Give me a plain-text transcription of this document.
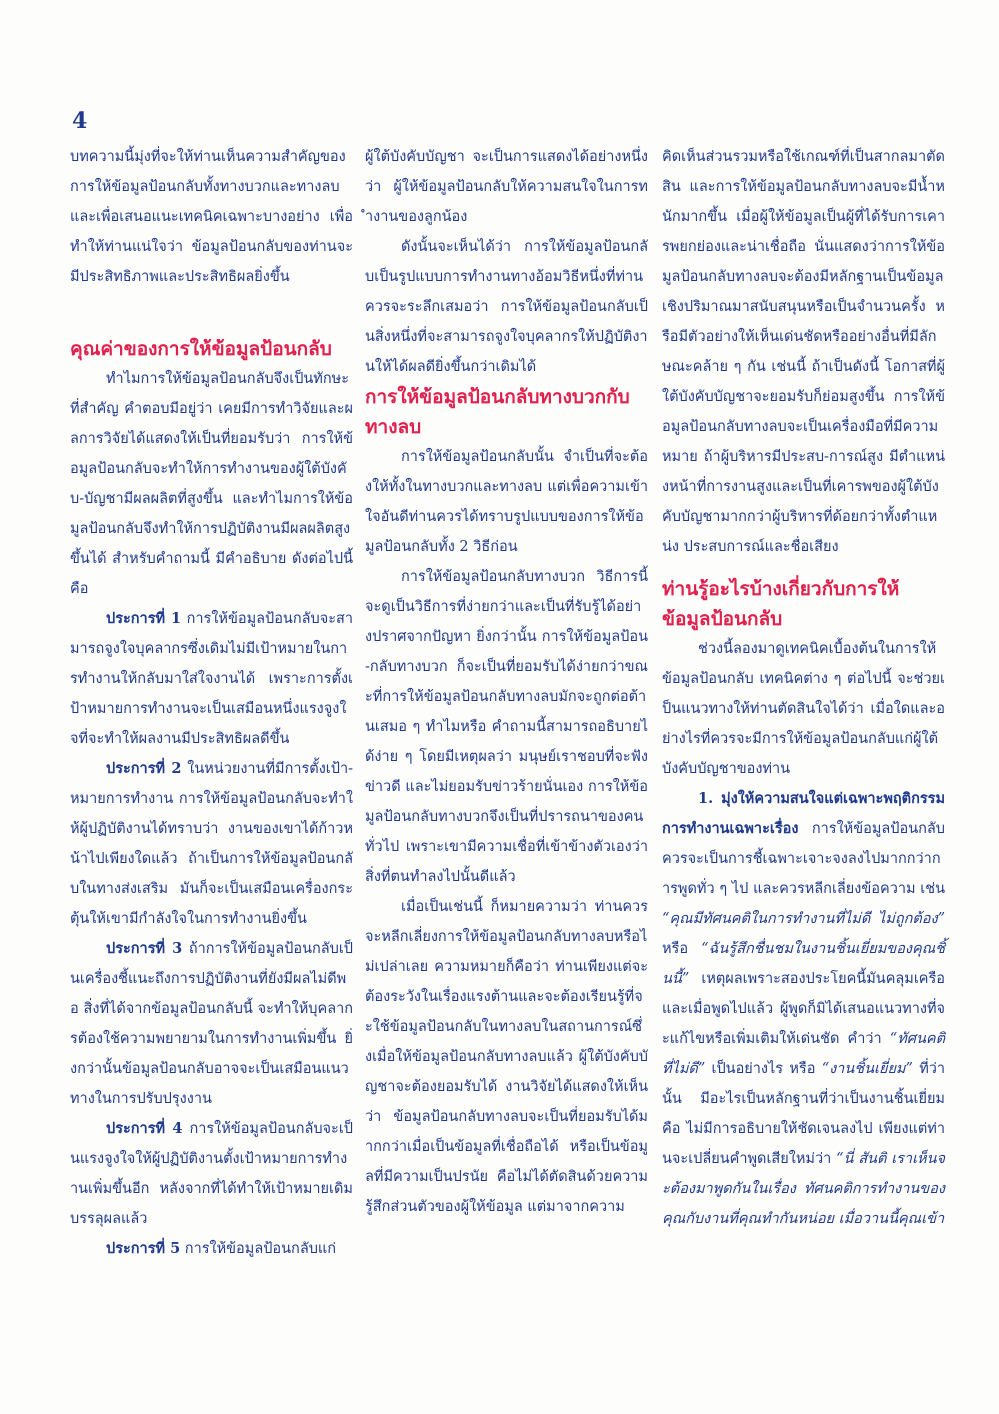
4

บทความนี้มุ่งที่จะให้ท่านเห็นความสำคัญของการให้ข้อมูลป้อนกลับทั้งทางบวกและทางลบ และเพื่อเสนอแนะเทคนิคเฉพาะบางอย่าง เพื่อทำให้ท่านแน่ใจว่า ข้อมูลป้อนกลับของท่านจะมีประสิทธิภาพและประสิทธิผลยิ่งขึ้น

คุณค่าของการให้ข้อมูลป้อนกลับ

ทำไมการให้ข้อมูลป้อนกลับจึงเป็นทักษะที่สำคัญ คำตอบมีอยู่ว่า เคยมีการทำวิจัยและผลการวิจัยได้แสดงให้เป็นที่ยอมรับว่า การให้ข้อมูลป้อนกลับจะทำให้การทำงานของผู้ใต้บังคับ-บัญชามีผลผลิตที่สูงขึ้น และทำไมการให้ข้อมูลป้อนกลับจึงทำให้การปฏิบัติงานมีผลผลิตสูงขึ้นได้ สำหรับคำถามนี้ มีคำอธิบาย ดังต่อไปนี้คือ

ประการที่ 1 การให้ข้อมูลป้อนกลับจะสามารถจูงใจบุคลากรซึ่งเดิมไม่มีเป้าหมายในการทำงานให้กลับมาใส่ใจงานได้ เพราะการตั้งเป้าหมายการทำงานจะเป็นเสมือนหนึ่งแรงจูงใจที่จะทำให้ผลงานมีประสิทธิผลดีขึ้น

ประการที่ 2 ในหน่วยงานที่มีการตั้งเป้า-หมายการทำงาน การให้ข้อมูลป้อนกลับจะทำให้ผู้ปฏิบัติงานได้ทราบว่า งานของเขาได้ก้าวหน้าไปเพียงใดแล้ว ถ้าเป็นการให้ข้อมูลป้อนกลับในทางส่งเสริม มันก็จะเป็นเสมือนเครื่องกระตุ้นให้เขามีกำลังใจในการทำงานยิ่งขึ้น

ประการที่ 3 ถ้าการให้ข้อมูลป้อนกลับเป็นเครื่องชี้แนะถึงการปฏิบัติงานที่ยังมีผลไม่ดีพอ สิ่งที่ได้จากข้อมูลป้อนกลับนี้ จะทำให้บุคลากรต้องใช้ความพยายามในการทำงานเพิ่มขึ้น ยิ่งกว่านั้นข้อมูลป้อนกลับอาจจะเป็นเสมือนแนวทางในการปรับปรุงงาน

ประการที่ 4 การให้ข้อมูลป้อนกลับจะเป็นแรงจูงใจให้ผู้ปฏิบัติงานตั้งเป้าหมายการทำงานเพิ่มขึ้นอีก หลังจากที่ได้ทำให้เป้าหมายเดิมบรรลุผลแล้ว

ประการที่ 5 การให้ข้อมูลป้อนกลับแก่

ผู้ใต้บังคับบัญชา จะเป็นการแสดงได้อย่างหนึ่งว่า ผู้ให้ข้อมูลป้อนกลับให้ความสนใจในการทำงานของลูกน้อง

ดังนั้นจะเห็นได้ว่า การให้ข้อมูลป้อนกลับเป็นรูปแบบการทำงานทางอ้อมวิธีหนึ่งที่ท่านควรจะระลึกเสมอว่า การให้ข้อมูลป้อนกลับเป็นสิ่งหนึ่งที่จะสามารถจูงใจบุคลากรให้ปฏิบัติงานให้ได้ผลดียิ่งขึ้นกว่าเดิมได้

การให้ข้อมูลป้อนกลับทางบวกกับทางลบ

การให้ข้อมูลป้อนกลับนั้น จำเป็นที่จะต้องให้ทั้งในทางบวกและทางลบ แต่เพื่อความเข้าใจอันดีท่านควรได้ทราบรูปแบบของการให้ข้อมูลป้อนกลับทั้ง 2 วิธีก่อน

การให้ข้อมูลป้อนกลับทางบวก วิธีการนี้จะดูเป็นวิธีการที่ง่ายกว่าและเป็นที่รับรู้ได้อย่างปราศจากปัญหา ยิ่งกว่านั้น การให้ข้อมูลป้อน-กลับทางบวก ก็จะเป็นที่ยอมรับได้ง่ายกว่าขณะที่การให้ข้อมูลป้อนกลับทางลบมักจะถูกต่อต้านเสมอ ๆ ทำไมหรือ คำถามนี้สามารถอธิบายได้ง่าย ๆ โดยมีเหตุผลว่า มนุษย์เราชอบที่จะฟังข่าวดี และไม่ยอมรับข่าวร้ายนั่นเอง การให้ข้อมูลป้อนกลับทางบวกจึงเป็นที่ปรารถนาของคนทั่วไป เพราะเขามีความเชื่อที่เข้าข้างตัวเองว่าสิ่งที่ตนทำลงไปนั้นดีแล้ว

เมื่อเป็นเช่นนี้ ก็หมายความว่า ท่านควรจะหลีกเลี่ยงการให้ข้อมูลป้อนกลับทางลบหรือไม่เปล่าเลย ความหมายก็คือว่า ท่านเพียงแต่จะต้องระวังในเรื่องแรงต้านและจะต้องเรียนรู้ที่จะใช้ข้อมูลป้อนกลับในทางลบในสถานการณ์ซึ่งเมื่อให้ข้อมูลป้อนกลับทางลบแล้ว ผู้ใต้บังคับบัญชาจะต้องยอมรับได้ งานวิจัยได้แสดงให้เห็นว่า ข้อมูลป้อนกลับทางลบจะเป็นที่ยอมรับได้มากกว่าเมื่อเป็นข้อมูลที่เชื่อถือได้ หรือเป็นข้อมูลที่มีความเป็นปรนัย คือไม่ได้ตัดสินด้วยความรู้สึกส่วนตัวของผู้ให้ข้อมูล แต่มาจากความ

คิดเห็นส่วนรวมหรือใช้เกณฑ์ที่เป็นสากลมาตัดสิน และการให้ข้อมูลป้อนกลับทางลบจะมีน้ำหนักมากขึ้น เมื่อผู้ให้ข้อมูลเป็นผู้ที่ได้รับการเคารพยกย่องและน่าเชื่อถือ นั่นแสดงว่าการให้ข้อมูลป้อนกลับทางลบจะต้องมีหลักฐานเป็นข้อมูลเชิงปริมาณมาสนับสนุนหรือเป็นจำนวนครั้ง หรือมีตัวอย่างให้เห็นเด่นชัดหรืออย่างอื่นที่มีลักษณะคล้าย ๆ กัน เช่นนี้ ถ้าเป็นดังนี้ โอกาสที่ผู้ใต้บังคับบัญชาจะยอมรับก็ย่อมสูงขึ้น การให้ข้อมูลป้อนกลับทางลบจะเป็นเครื่องมือที่มีความหมาย ถ้าผู้บริหารมีประสบ-การณ์สูง มีตำแหน่งหน้าที่การงานสูงและเป็นที่เคารพของผู้ใต้บังคับบัญชามากกว่าผู้บริหารที่ด้อยกว่าทั้งตำแหน่ง ประสบการณ์และชื่อเสียง

ท่านรู้อะไรบ้างเกี่ยวกับการให้ข้อมูลป้อนกลับ

ช่วงนี้ลองมาดูเทคนิคเบื้องต้นในการให้ข้อมูลป้อนกลับ เทคนิคต่าง ๆ ต่อไปนี้ จะช่วยเป็นแนวทางให้ท่านตัดสินใจได้ว่า เมื่อใดและอย่างไรที่ควรจะมีการให้ข้อมูลป้อนกลับแก่ผู้ใต้บังคับบัญชาของท่าน

1. มุ่งให้ความสนใจแต่เฉพาะพฤติกรรมการทำงานเฉพาะเรื่อง การให้ข้อมูลป้อนกลับควรจะเป็นการชี้เฉพาะเจาะจงลงไปมากกว่าการพูดทั่ว ๆ ไป และควรหลีกเลี่ยงข้อความ เช่น “คุณมีทัศนคติในการทำงานที่ไม่ดี ไม่ถูกต้อง” หรือ “ฉันรู้สึกชื่นชมในงานชิ้นเยี่ยมของคุณชิ้นนี้” เหตุผลเพราะสองประโยคนี้มันคลุมเครือ และเมื่อพูดไปแล้ว ผู้พูดก็มิได้เสนอแนวทางที่จะแก้ไขหรือเพิ่มเติมให้เด่นชัด คำว่า “ทัศนคติที่ไม่ดี” เป็นอย่างไร หรือ “งานชิ้นเยี่ยม” ที่ว่านั้น มีอะไรเป็นหลักฐานที่ว่าเป็นงานชิ้นเยี่ยม คือ ไม่มีการอธิบายให้ชัดเจนลงไป เพียงแต่ท่านจะเปลี่ยนคำพูดเสียใหม่ว่า “นี่ สันติ เราเห็นจะต้องมาพูดกันในเรื่อง ทัศนคติการทำงานของคุณกับงานที่คุณทำกันหน่อย เมื่อวานนี้คุณเข้า
